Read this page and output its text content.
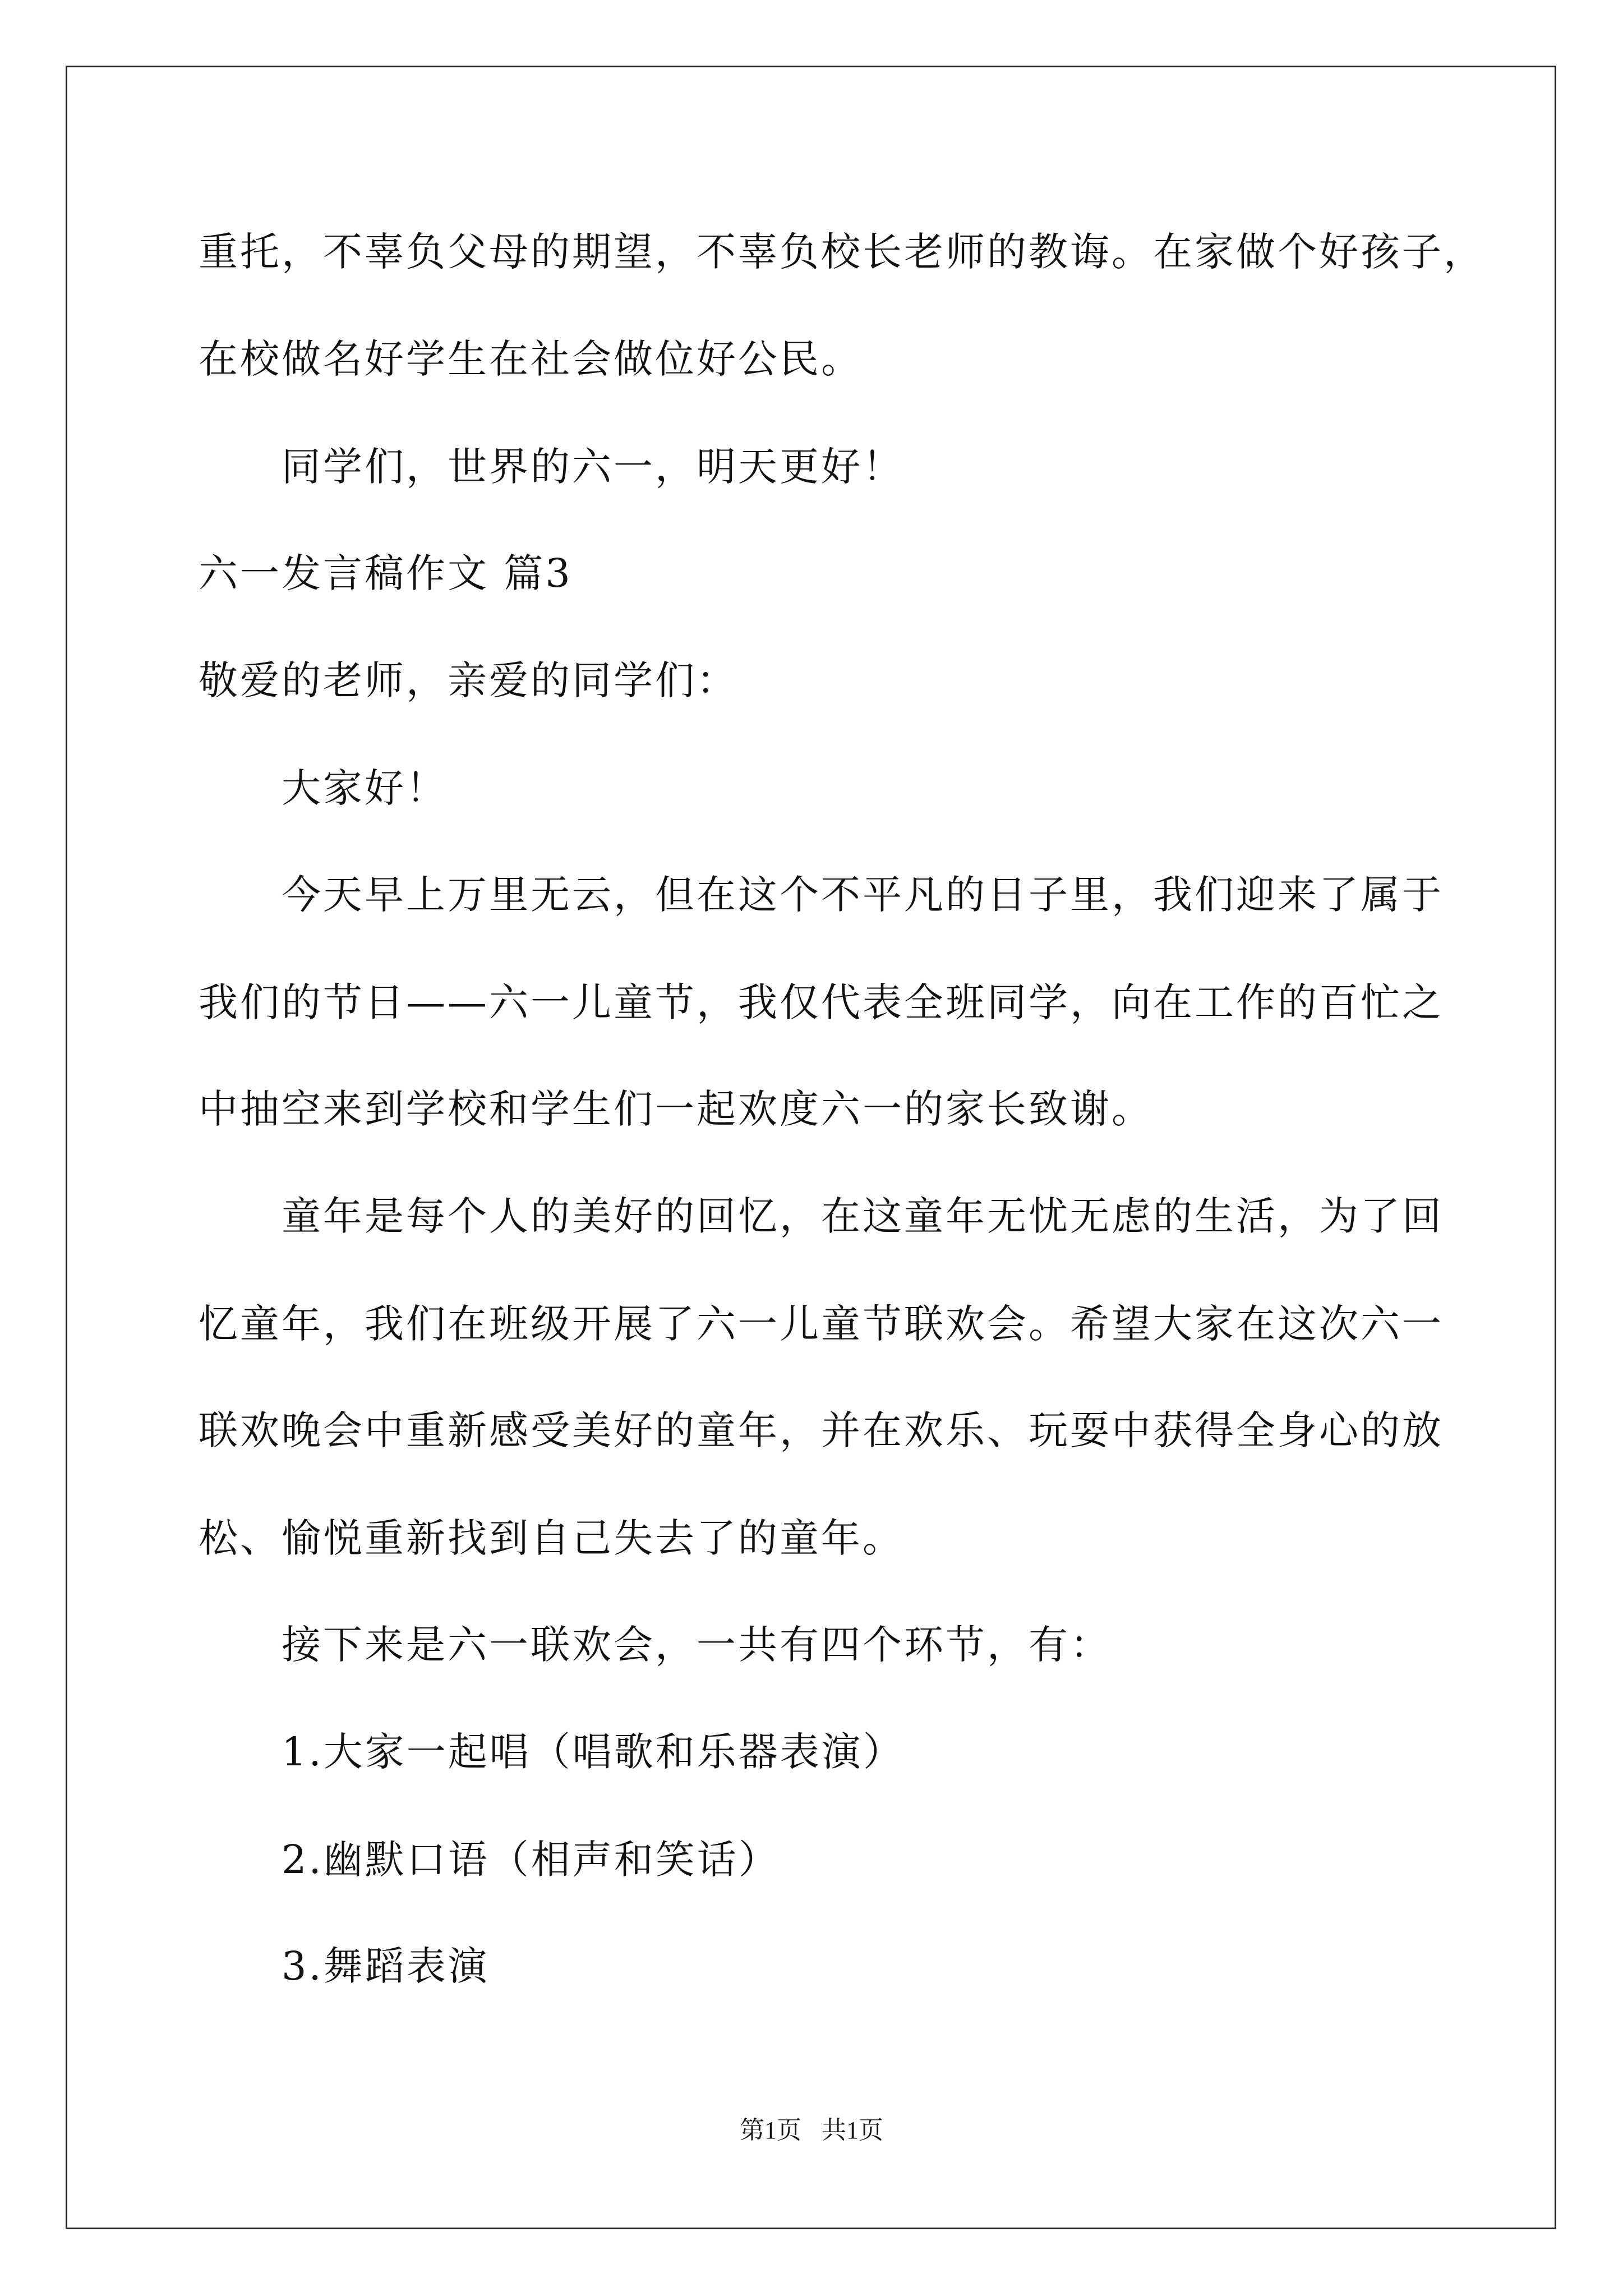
重托，不辜负父母的期望，不辜负校长老师的教诲。在家做个好孩子，
在校做名好学生在社会做位好公民。
同学们，世界的六一，明天更好！
六一发言稿作文 篇3
敬爱的老师，亲爱的同学们：
大家好！
今天早上万里无云，但在这个不平凡的日子里，我们迎来了属于
我们的节日——六一儿童节，我仅代表全班同学，向在工作的百忙之
中抽空来到学校和学生们一起欢度六一的家长致谢。
童年是每个人的美好的回忆，在这童年无忧无虑的生活，为了回
忆童年，我们在班级开展了六一儿童节联欢会。希望大家在这次六一
联欢晚会中重新感受美好的童年，并在欢乐、玩耍中获得全身心的放
松、愉悦重新找到自己失去了的童年。
接下来是六一联欢会，一共有四个环节，有：
1.大家一起唱（唱歌和乐器表演）
2.幽默口语（相声和笑话）
3.舞蹈表演
第1页 共1页
